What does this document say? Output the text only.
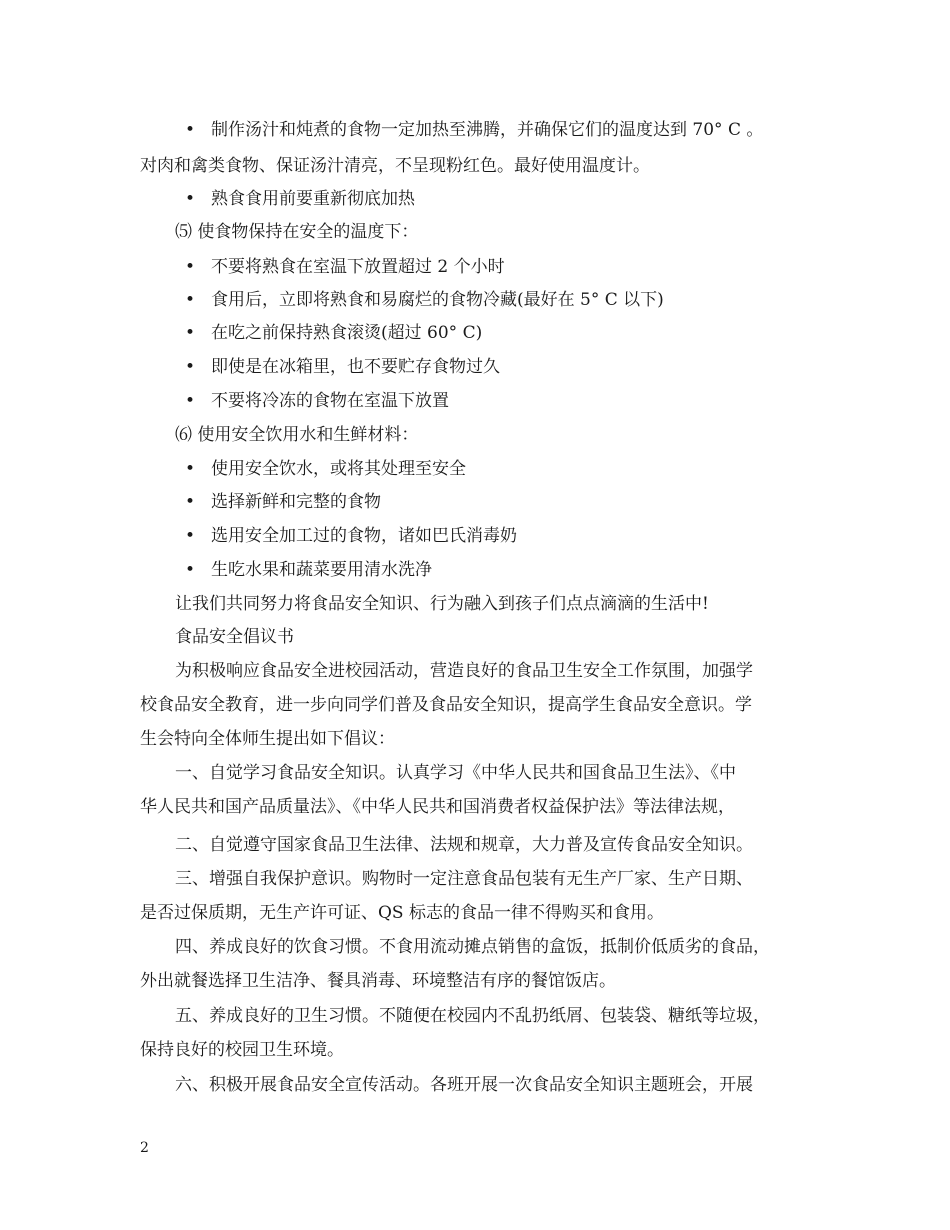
• 制作汤汁和炖煮的食物一定加热至沸腾，并确保它们的温度达到 70° C 。
对肉和禽类食物、保证汤汁清亮，不呈现粉红色。最好使用温度计。
• 熟食食用前要重新彻底加热
⑸ 使食物保持在安全的温度下：
• 不要将熟食在室温下放置超过 2 个小时
• 食用后，立即将熟食和易腐烂的食物冷藏(最好在 5° C 以下)
• 在吃之前保持熟食滚烫(超过 60° C)
• 即使是在冰箱里，也不要贮存食物过久
• 不要将冷冻的食物在室温下放置
⑹ 使用安全饮用水和生鲜材料：
• 使用安全饮水，或将其处理至安全
• 选择新鲜和完整的食物
• 选用安全加工过的食物，诸如巴氏消毒奶
• 生吃水果和蔬菜要用清水洗净
让我们共同努力将食品安全知识、行为融入到孩子们点点滴滴的生活中!
食品安全倡议书
为积极响应食品安全进校园活动，营造良好的食品卫生安全工作氛围，加强学
校食品安全教育，进一步向同学们普及食品安全知识，提高学生食品安全意识。学
生会特向全体师生提出如下倡议：
一、自觉学习食品安全知识。认真学习《中华人民共和国食品卫生法》、《中
华人民共和国产品质量法》、《中华人民共和国消费者权益保护法》等法律法规，
二、自觉遵守国家食品卫生法律、法规和规章，大力普及宣传食品安全知识。
三、增强自我保护意识。购物时一定注意食品包装有无生产厂家、生产日期、
是否过保质期，无生产许可证、QS 标志的食品一律不得购买和食用。
四、养成良好的饮食习惯。不食用流动摊点销售的盒饭，抵制价低质劣的食品，
外出就餐选择卫生洁净、餐具消毒、环境整洁有序的餐馆饭店。
五、养成良好的卫生习惯。不随便在校园内不乱扔纸屑、包装袋、糖纸等垃圾，
保持良好的校园卫生环境。
六、积极开展食品安全宣传活动。各班开展一次食品安全知识主题班会，开展
2
